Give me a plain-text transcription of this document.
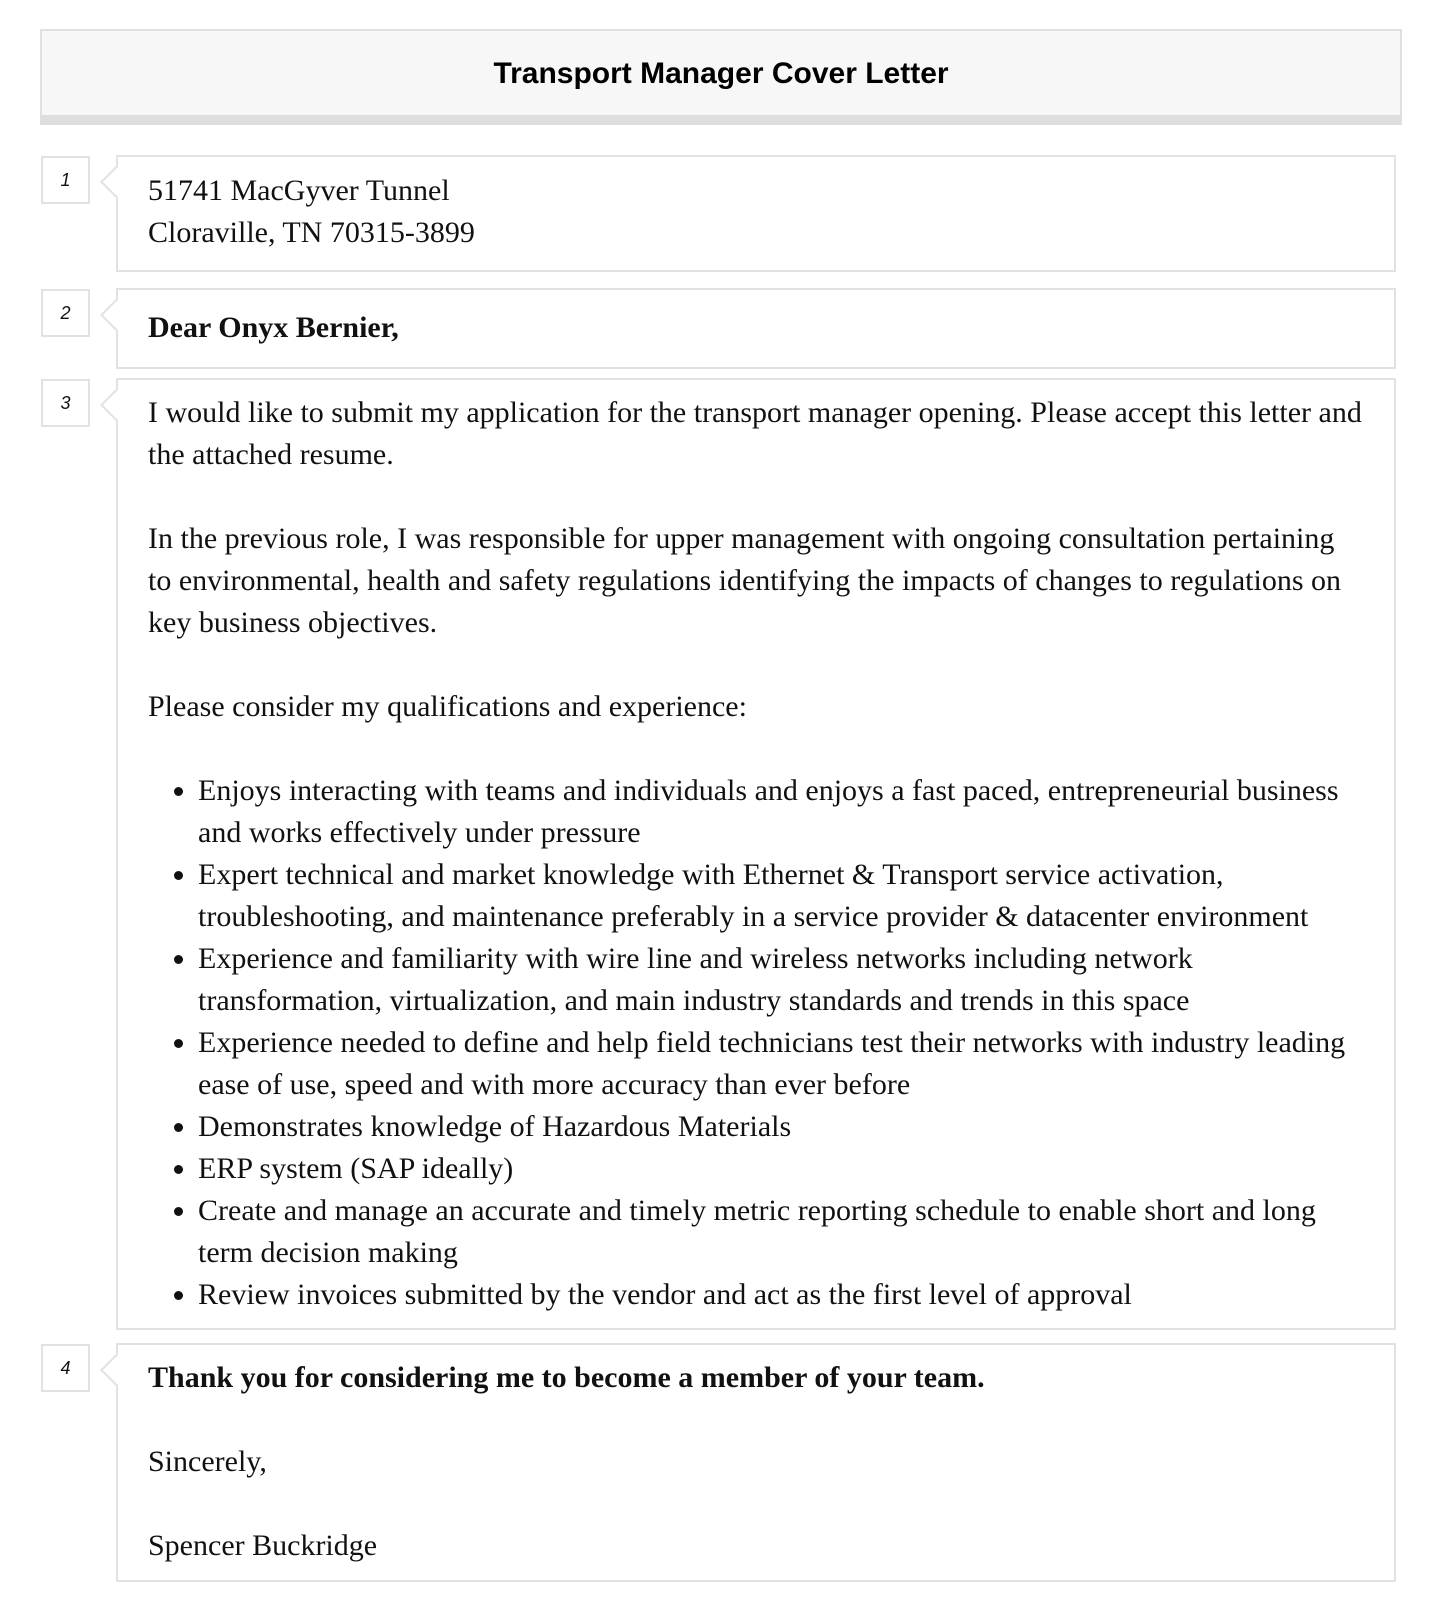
Transport Manager Cover Letter
1	51741 MacGyver Tunnel
Cloraville, TN 70315-3899
2	Dear Onyx Bernier,
3	I would like to submit my application for the transport manager opening. Please accept this letter and the attached resume.

In the previous role, I was responsible for upper management with ongoing consultation pertaining to environmental, health and safety regulations identifying the impacts of changes to regulations on key business objectives.

Please consider my qualifications and experience:

• Enjoys interacting with teams and individuals and enjoys a fast paced, entrepreneurial business and works effectively under pressure
• Expert technical and market knowledge with Ethernet & Transport service activation, troubleshooting, and maintenance preferably in a service provider & datacenter environment
• Experience and familiarity with wire line and wireless networks including network transformation, virtualization, and main industry standards and trends in this space
• Experience needed to define and help field technicians test their networks with industry leading ease of use, speed and with more accuracy than ever before
• Demonstrates knowledge of Hazardous Materials
• ERP system (SAP ideally)
• Create and manage an accurate and timely metric reporting schedule to enable short and long term decision making
• Review invoices submitted by the vendor and act as the first level of approval
4	Thank you for considering me to become a member of your team.

Sincerely,

Spencer Buckridge
